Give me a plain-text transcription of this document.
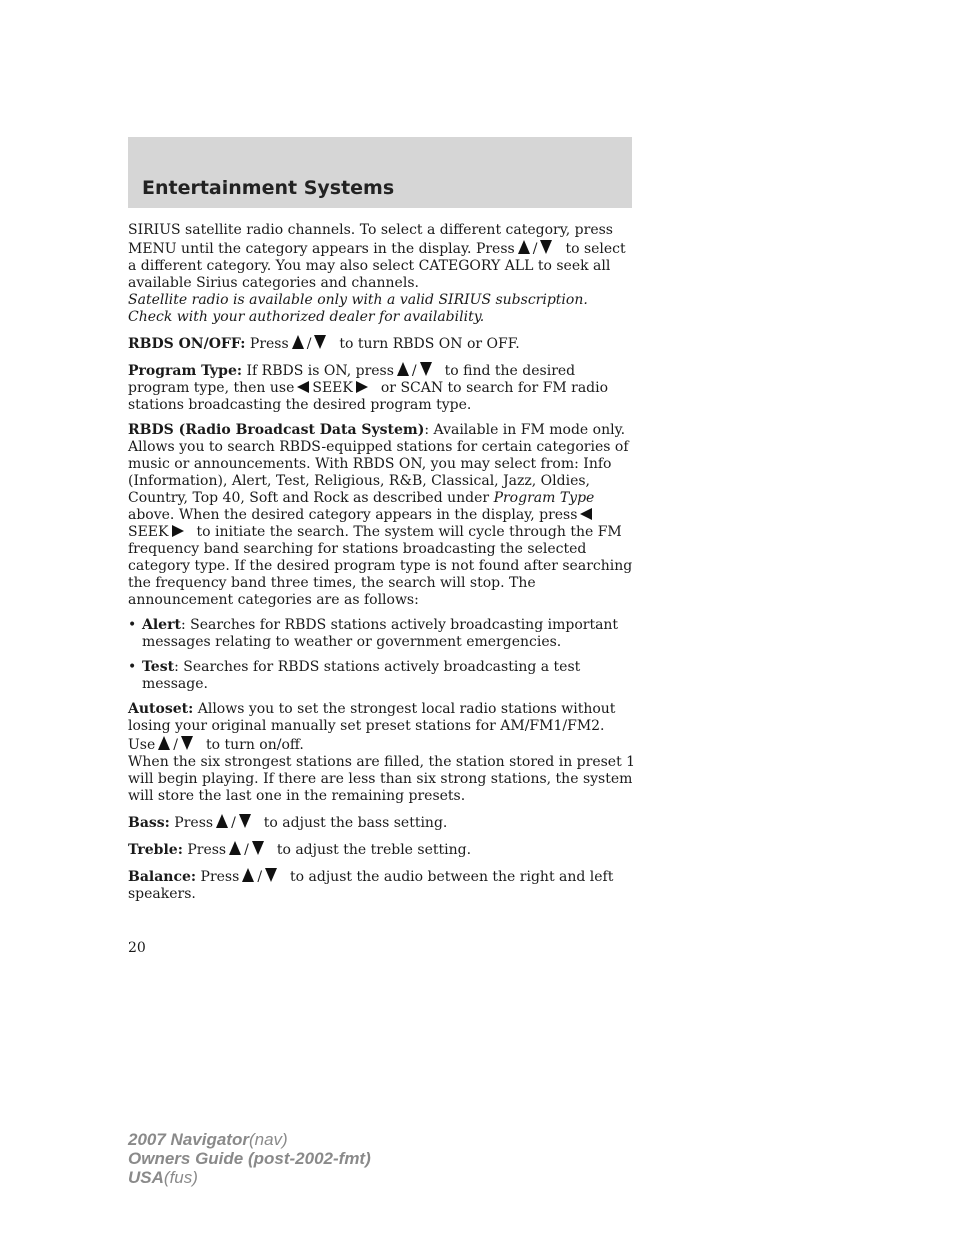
Entertainment Systems

SIRIUS satellite radio channels. To select a different category, press
MENU until the category appears in the display. Press / to select
a different category. You may also select CATEGORY ALL to seek all available Sirius categories and channels.
Satellite radio is available only with a valid SIRIUS subscription.
Check with your authorized dealer for availability.

RBDS ON/OFF: Press / to turn RBDS ON or OFF.

Program Type: If RBDS is ON, press / to find the desired
program type, then use SEEK or SCAN to search for FM radio
stations broadcasting the desired program type.

RBDS (Radio Broadcast Data System): Available in FM mode only. Allows you to search RBDS-equipped stations for certain categories of music or announcements. With RBDS ON, you may select from: Info (Information), Alert, Test, Religious, R&B, Classical, Jazz, Oldies, Country, Top 40, Soft and Rock as described under Program Type above. When the desired category appears in the display, press
SEEK to initiate the search. The system will cycle through the FM frequency band searching for stations broadcasting the selected category type. If the desired program type is not found after searching the frequency band three times, the search will stop. The announcement categories are as follows:

• Alert: Searches for RBDS stations actively broadcasting important messages relating to weather or government emergencies.
• Test: Searches for RBDS stations actively broadcasting a test message.

Autoset: Allows you to set the strongest local radio stations without losing your original manually set preset stations for AM/FM1/FM2.
Use / to turn on/off.

When the six strongest stations are filled, the station stored in preset 1 will begin playing. If there are less than six strong stations, the system will store the last one in the remaining presets.

Bass: Press / to adjust the bass setting.

Treble: Press / to adjust the treble setting.

Balance: Press / to adjust the audio between the right and left
speakers.

20
2007 Navigator(nav)
Owners Guide (post-2002-fmt)
USA(fus)
